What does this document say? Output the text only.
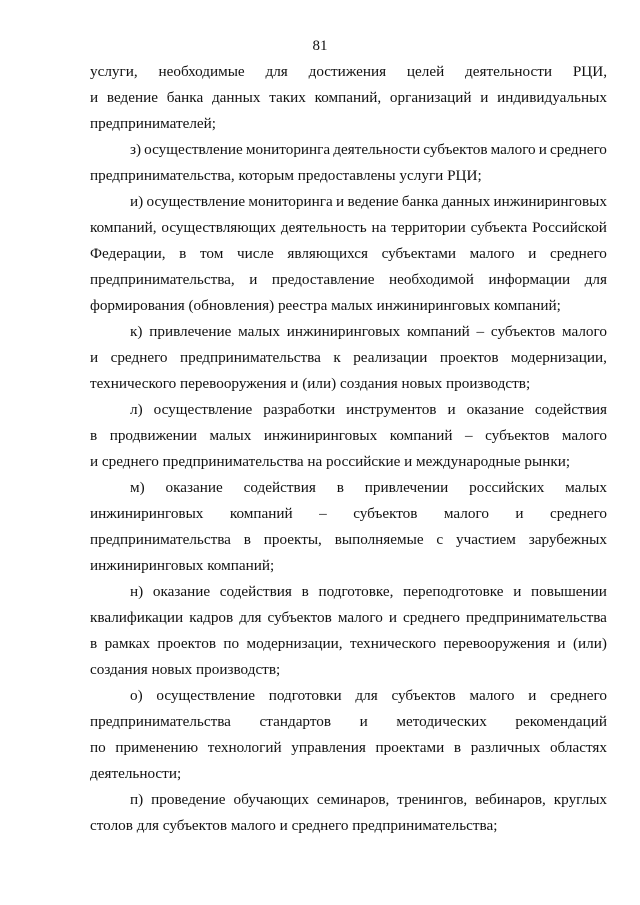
81
услуги, необходимые для достижения целей деятельности РЦИ,
и ведение банка данных таких компаний, организаций и индивидуальных
предпринимателей;
з) осуществление мониторинга деятельности субъектов малого и среднего
предпринимательства, которым предоставлены услуги РЦИ;
и) осуществление мониторинга и ведение банка данных инжиниринговых
компаний, осуществляющих деятельность на территории субъекта Российской
Федерации, в том числе являющихся субъектами малого и среднего
предпринимательства, и предоставление необходимой информации для
формирования (обновления) реестра малых инжиниринговых компаний;
к) привлечение малых инжиниринговых компаний – субъектов малого
и среднего предпринимательства к реализации проектов модернизации,
технического перевооружения и (или) создания новых производств;
л) осуществление разработки инструментов и оказание содействия
в продвижении малых инжиниринговых компаний – субъектов малого
и среднего предпринимательства на российские и международные рынки;
м) оказание содействия в привлечении российских малых
инжиниринговых компаний – субъектов малого и среднего
предпринимательства в проекты, выполняемые с участием зарубежных
инжиниринговых компаний;
н) оказание содействия в подготовке, переподготовке и повышении
квалификации кадров для субъектов малого и среднего предпринимательства
в рамках проектов по модернизации, технического перевооружения и (или)
создания новых производств;
о) осуществление подготовки для субъектов малого и среднего
предпринимательства стандартов и методических рекомендаций
по применению технологий управления проектами в различных областях
деятельности;
п) проведение обучающих семинаров, тренингов, вебинаров, круглых
столов для субъектов малого и среднего предпринимательства;
